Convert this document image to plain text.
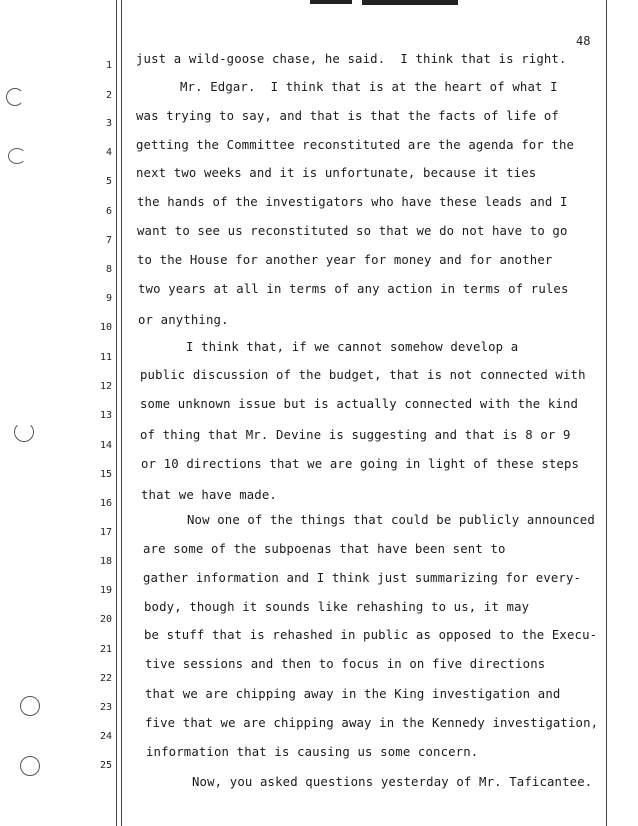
48
1
2
3
4
5
6
7
8
9
10
11
12
13
14
15
16
17
18
19
20
21
22
23
24
25
just a wild-goose chase, he said.  I think that is right.
Mr. Edgar.  I think that is at the heart of what I
was trying to say, and that is that the facts of life of
getting the Committee reconstituted are the agenda for the
next two weeks and it is unfortunate, because it ties
the hands of the investigators who have these leads and I
want to see us reconstituted so that we do not have to go
to the House for another year for money and for another
two years at all in terms of any action in terms of rules
or anything.
I think that, if we cannot somehow develop a
public discussion of the budget, that is not connected with
some unknown issue but is actually connected with the kind
of thing that Mr. Devine is suggesting and that is 8 or 9
or 10 directions that we are going in light of these steps
that we have made.
Now one of the things that could be publicly announced
are some of the subpoenas that have been sent to
gather information and I think just summarizing for every-
body, though it sounds like rehashing to us, it may
be stuff that is rehashed in public as opposed to the Execu-
tive sessions and then to focus in on five directions
that we are chipping away in the King investigation and
five that we are chipping away in the Kennedy investigation,
information that is causing us some concern.
Now, you asked questions yesterday of Mr. Taficantee.
